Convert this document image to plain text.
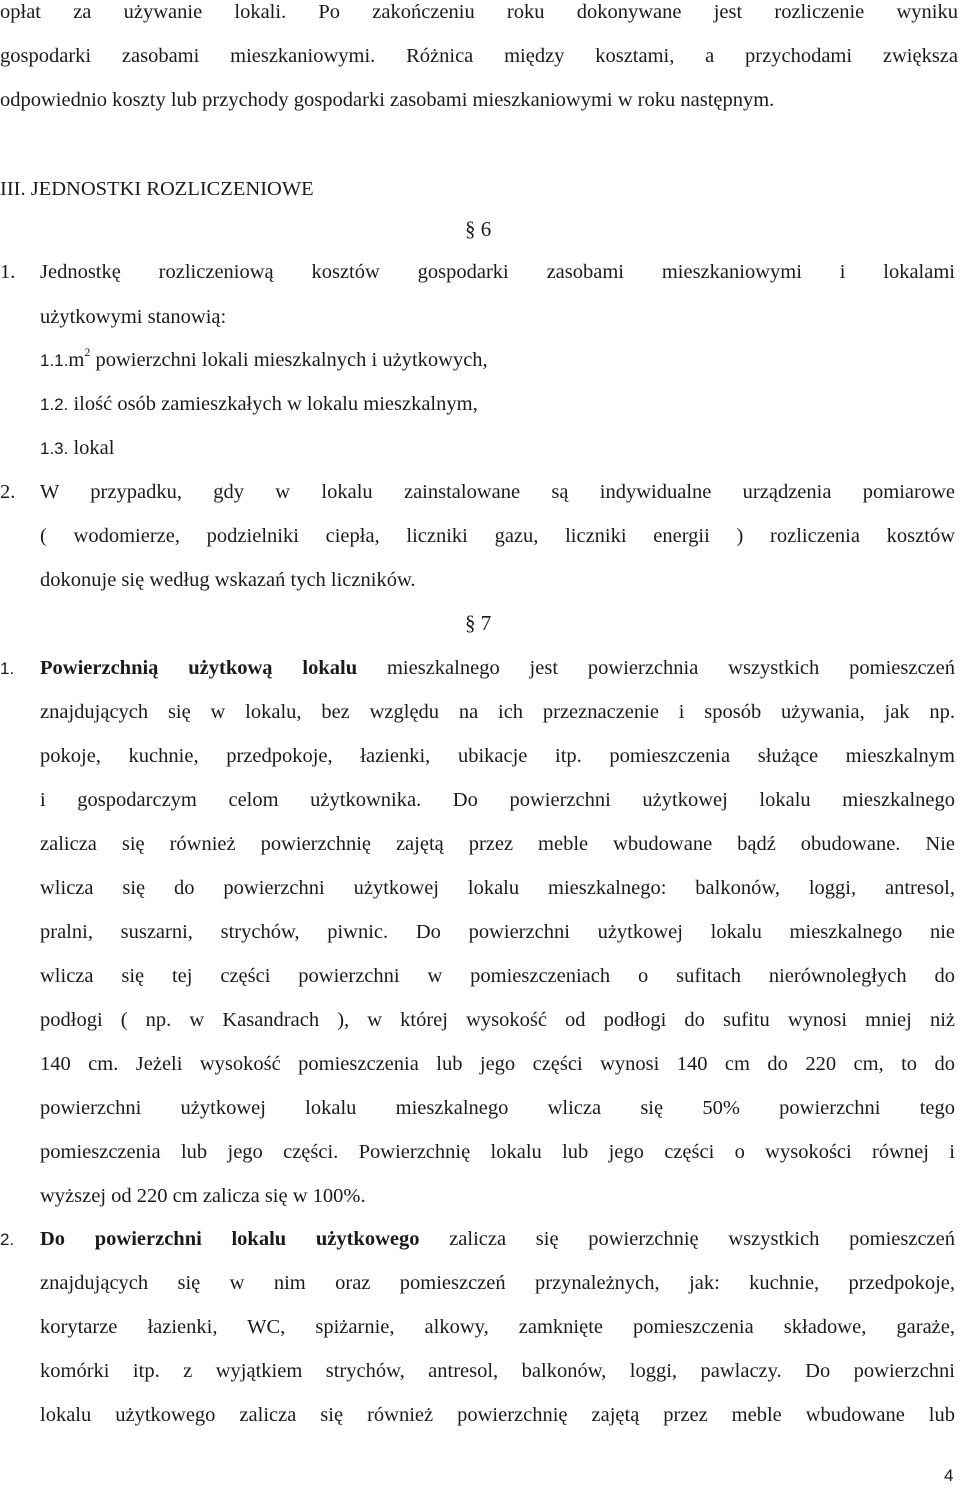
opłat za używanie lokali. Po zakończeniu roku dokonywane jest rozliczenie wyniku
gospodarki zasobami mieszkaniowymi. Różnica między kosztami, a przychodami zwiększa
odpowiednio koszty lub przychody gospodarki zasobami mieszkaniowymi w roku następnym.
III. JEDNOSTKI ROZLICZENIOWE
§ 6
1. Jednostkę rozliczeniową kosztów gospodarki zasobami mieszkaniowymi i lokalami
użytkowymi stanowią:
$1.1.m^2$ powierzchni lokali mieszkalnych i użytkowych,
1.2. ilość osób zamieszkałych w lokalu mieszkalnym,
1.3. lokal
2. W przypadku, gdy w lokalu zainstalowane są indywidualne urządzenia pomiarowe
( wodomierze, podzielniki ciepła, liczniki gazu, liczniki energii ) rozliczenia kosztów
dokonuje się według wskazań tych liczników.
§ 7
1. Powierzchnią użytkową lokalu mieszkalnego jest powierzchnia wszystkich pomieszczeń
znajdujących się w lokalu, bez względu na ich przeznaczenie i sposób używania, jak np.
pokoje, kuchnie, przedpokoje, łazienki, ubikacje itp. pomieszczenia służące mieszkalnym
i gospodarczym celom użytkownika. Do powierzchni użytkowej lokalu mieszkalnego
zalicza się również powierzchnię zajętą przez meble wbudowane bądź obudowane. Nie
wlicza się do powierzchni użytkowej lokalu mieszkalnego: balkonów, loggi, antresol,
pralni, suszarni, strychów, piwnic. Do powierzchni użytkowej lokalu mieszkalnego nie
wlicza się tej części powierzchni w pomieszczeniach o sufitach nierównoległych do
podłogi ( np. w Kasandrach ), w której wysokość od podłogi do sufitu wynosi mniej niż
140 cm. Jeżeli wysokość pomieszczenia lub jego części wynosi 140 cm do 220 cm, to do
powierzchni użytkowej lokalu mieszkalnego wlicza się 50% powierzchni tego
pomieszczenia lub jego części. Powierzchnię lokalu lub jego części o wysokości równej i
wyższej od 220 cm zalicza się w 100%.
2. Do powierzchni lokalu użytkowego zalicza się powierzchnię wszystkich pomieszczeń
znajdujących się w nim oraz pomieszczeń przynależnych, jak: kuchnie, przedpokoje,
korytarze łazienki, WC, spiżarnie, alkowy, zamknięte pomieszczenia składowe, garaże,
komórki itp. z wyjątkiem strychów, antresol, balkonów, loggi, pawlaczy. Do powierzchni
lokalu użytkowego zalicza się również powierzchnię zajętą przez meble wbudowane lub
4
